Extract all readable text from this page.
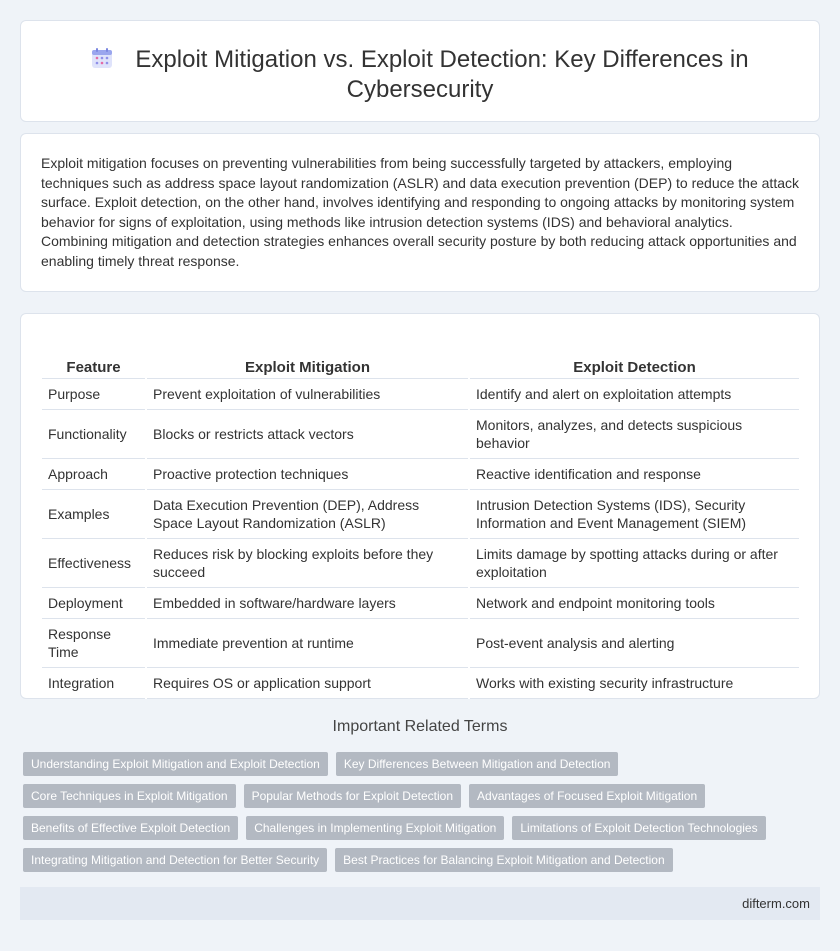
Exploit Mitigation vs. Exploit Detection: Key Differences in Cybersecurity

Exploit mitigation focuses on preventing vulnerabilities from being successfully targeted by attackers, employing techniques such as address space layout randomization (ASLR) and data execution prevention (DEP) to reduce the attack surface. Exploit detection, on the other hand, involves identifying and responding to ongoing attacks by monitoring system behavior for signs of exploitation, using methods like intrusion detection systems (IDS) and behavioral analytics. Combining mitigation and detection strategies enhances overall security posture by both reducing attack opportunities and enabling timely threat response.

Feature	Exploit Mitigation	Exploit Detection
Purpose	Prevent exploitation of vulnerabilities	Identify and alert on exploitation attempts
Functionality	Blocks or restricts attack vectors	Monitors, analyzes, and detects suspicious behavior
Approach	Proactive protection techniques	Reactive identification and response
Examples	Data Execution Prevention (DEP), Address Space Layout Randomization (ASLR)	Intrusion Detection Systems (IDS), Security Information and Event Management (SIEM)
Effectiveness	Reduces risk by blocking exploits before they succeed	Limits damage by spotting attacks during or after exploitation
Deployment	Embedded in software/hardware layers	Network and endpoint monitoring tools
Response Time	Immediate prevention at runtime	Post-event analysis and alerting
Integration	Requires OS or application support	Works with existing security infrastructure
Important Related Terms
Understanding Exploit Mitigation and Exploit Detection	Key Differences Between Mitigation and Detection
Core Techniques in Exploit Mitigation	Popular Methods for Exploit Detection	Advantages of Focused Exploit Mitigation
Benefits of Effective Exploit Detection	Challenges in Implementing Exploit Mitigation	Limitations of Exploit Detection Technologies
Integrating Mitigation and Detection for Better Security	Best Practices for Balancing Exploit Mitigation and Detection
difterm.com
